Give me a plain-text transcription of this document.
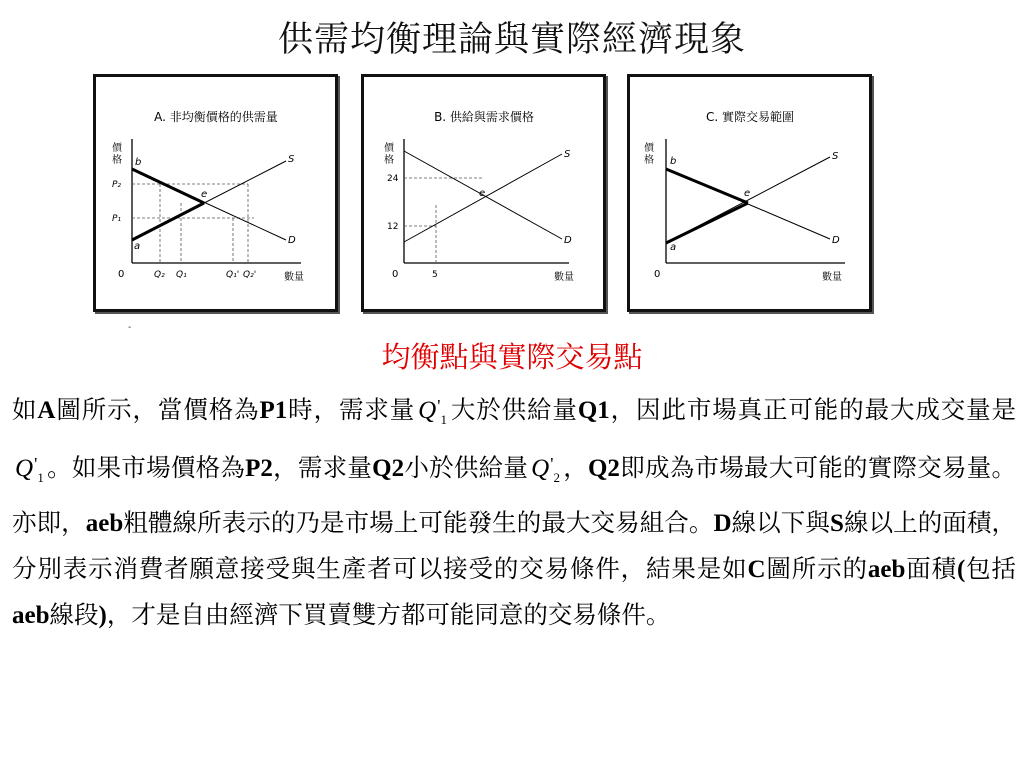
供需均衡理論與實際經濟現象
A. 非均衡價格的供需量
價
格 b
a
e
S
D
P₂
P₁
0	Q₂ Q₁	Q₁' Q₂'	數量
B. 供給與需求價格
價
格
e
S
D
24
12
0	5	數量
C. 實際交易範圍
價
格 b
a
e
S
D
0	數量
-
均衡點與實際交易點
如A圖所示，當價格為P1時，需求量 $Q'_1$ 大於供給量Q1，因此市場真正可能的最大成交量是$Q'_1$ 。如果市場價格為P2，需求量Q2小於供給量 $Q'_2$ ，Q2即成為市場最大可能的實際交易量。亦即，aeb粗體線所表示的乃是市場上可能發生的最大交易組合。D線以下與S線以上的面積，分別表示消費者願意接受與生產者可以接受的交易條件，結果是如C圖所示的aeb面積(包括aeb線段)，才是自由經濟下買賣雙方都可能同意的交易條件。
